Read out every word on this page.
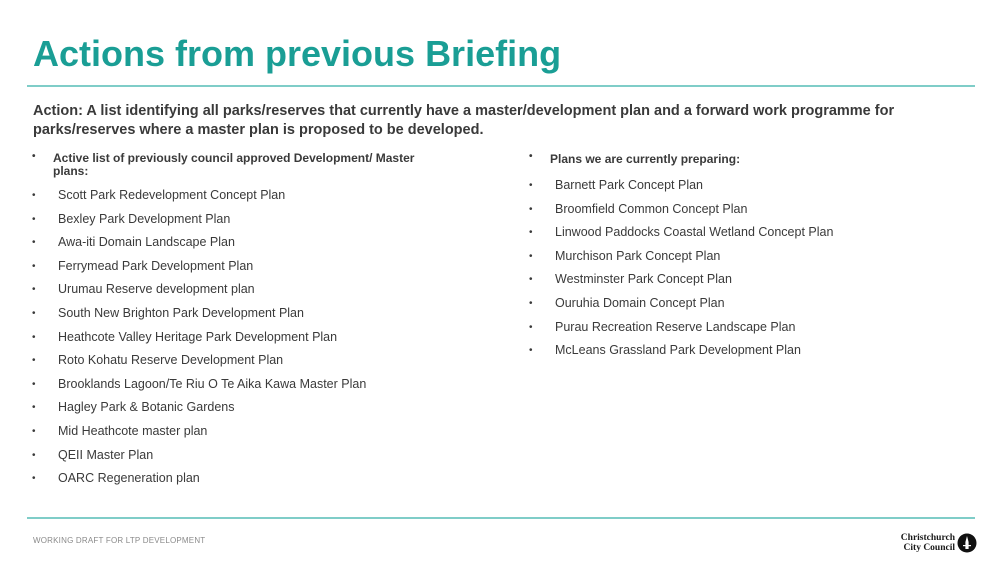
Actions from previous Briefing
Action: A list identifying all parks/reserves that currently have a master/development plan and a forward work programme for parks/reserves where a master plan is proposed to be developed.
• Active list of previously council approved Development/ Master plans:
• Scott Park Redevelopment Concept Plan
• Bexley Park Development Plan
• Awa-iti Domain Landscape Plan
• Ferrymead Park Development Plan
• Urumau Reserve development plan
• South New Brighton Park Development Plan
• Heathcote Valley Heritage Park Development Plan
• Roto Kohatu Reserve Development Plan
• Brooklands Lagoon/Te Riu O Te Aika Kawa Master Plan
• Hagley Park & Botanic Gardens
• Mid Heathcote master plan
• QEII Master Plan
• OARC Regeneration plan
• Plans we are currently preparing:
• Barnett Park Concept Plan
• Broomfield Common Concept Plan
• Linwood Paddocks Coastal Wetland Concept Plan
• Murchison Park Concept Plan
• Westminster Park Concept Plan
• Ouruhia Domain Concept Plan
• Purau Recreation Reserve Landscape Plan
• McLeans Grassland Park Development Plan
WORKING DRAFT FOR LTP DEVELOPMENT	Christchurch
City Council
